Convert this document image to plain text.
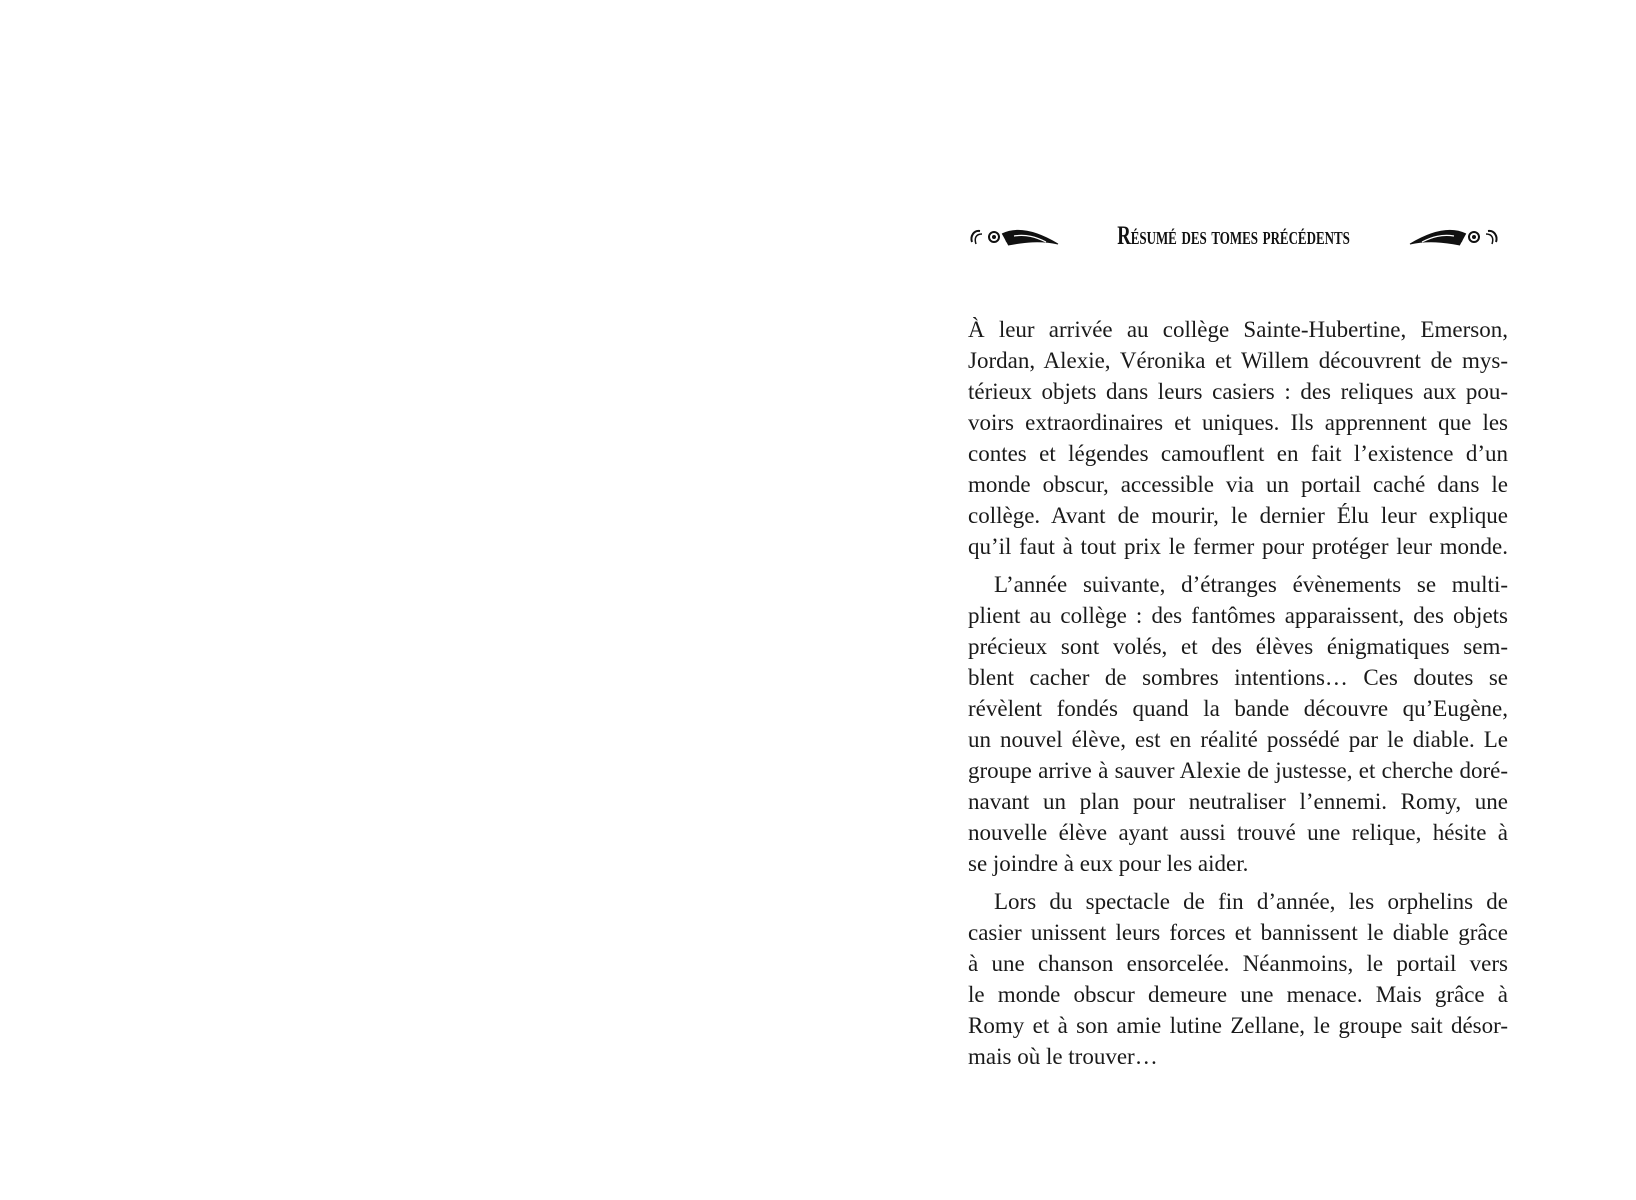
Résumé des tomes précédents

À leur arrivée au collège Sainte-Hubertine, Emerson,
Jordan, Alexie, Véronika et Willem découvrent de mys-
térieux objets dans leurs casiers : des reliques aux pou-
voirs extraordinaires et uniques. Ils apprennent que les
contes et légendes camouflent en fait l’existence d’un
monde obscur, accessible via un portail caché dans le
collège. Avant de mourir, le dernier Élu leur explique
qu’il faut à tout prix le fermer pour protéger leur monde.

L’année suivante, d’étranges évènements se multi-
plient au collège : des fantômes apparaissent, des objets
précieux sont volés, et des élèves énigmatiques sem-
blent cacher de sombres intentions… Ces doutes se
révèlent fondés quand la bande découvre qu’Eugène,
un nouvel élève, est en réalité possédé par le diable. Le
groupe arrive à sauver Alexie de justesse, et cherche doré-
navant un plan pour neutraliser l’ennemi. Romy, une
nouvelle élève ayant aussi trouvé une relique, hésite à
se joindre à eux pour les aider.

Lors du spectacle de fin d’année, les orphelins de
casier unissent leurs forces et bannissent le diable grâce
à une chanson ensorcelée. Néanmoins, le portail vers
le monde obscur demeure une menace. Mais grâce à
Romy et à son amie lutine Zellane, le groupe sait désor-
mais où le trouver…
